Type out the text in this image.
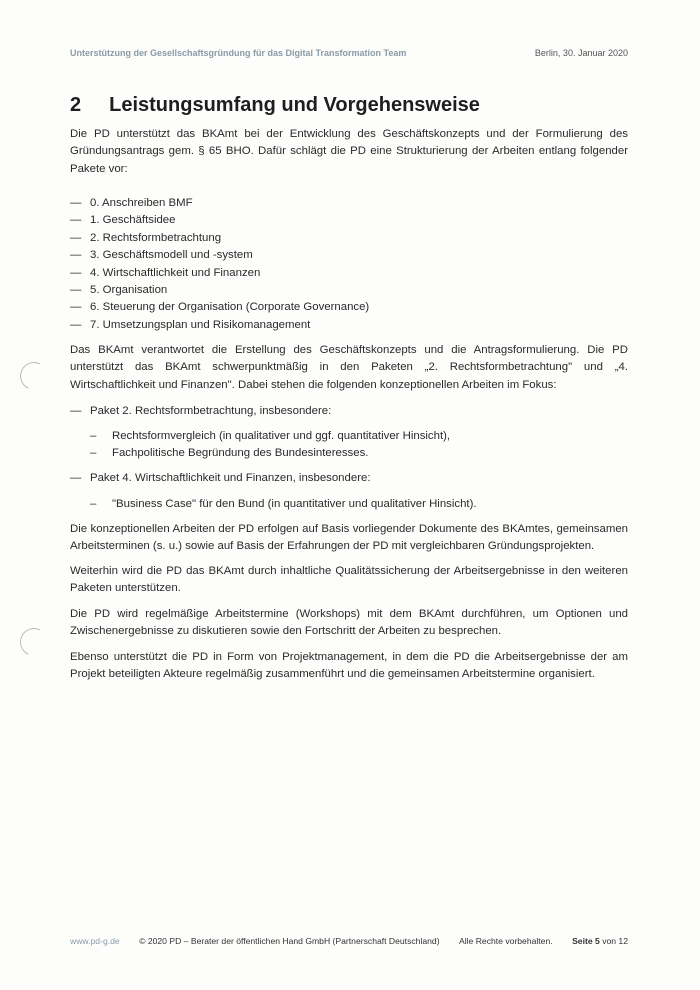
Unterstützung der Gesellschaftsgründung für das Digital Transformation Team	Berlin, 30. Januar 2020
2 Leistungsumfang und Vorgehensweise

Die PD unterstützt das BKAmt bei der Entwicklung des Geschäftskonzepts und der Formulierung des Gründungsantrags gem. § 65 BHO. Dafür schlägt die PD eine Strukturierung der Arbeiten entlang folgender Pakete vor:

— 0. Anschreiben BMF
— 1. Geschäftsidee
— 2. Rechtsformbetrachtung
— 3. Geschäftsmodell und -system
— 4. Wirtschaftlichkeit und Finanzen
— 5. Organisation
— 6. Steuerung der Organisation (Corporate Governance)
— 7. Umsetzungsplan und Risikomanagement

Das BKAmt verantwortet die Erstellung des Geschäftskonzepts und die Antragsformulierung. Die PD unterstützt das BKAmt schwerpunktmäßig in den Paketen „2. Rechtsformbetrachtung" und „4. Wirtschaftlichkeit und Finanzen". Dabei stehen die folgenden konzeptionellen Arbeiten im Fokus:

— Paket 2. Rechtsformbetrachtung, insbesondere:
–	Rechtsformvergleich (in qualitativer und ggf. quantitativer Hinsicht),
–	Fachpolitische Begründung des Bundesinteresses.
— Paket 4. Wirtschaftlichkeit und Finanzen, insbesondere:
–	"Business Case" für den Bund (in quantitativer und qualitativer Hinsicht).

Die konzeptionellen Arbeiten der PD erfolgen auf Basis vorliegender Dokumente des BKAmtes, gemeinsamen Arbeitsterminen (s. u.) sowie auf Basis der Erfahrungen der PD mit vergleichbaren Gründungsprojekten.

Weiterhin wird die PD das BKAmt durch inhaltliche Qualitätssicherung der Arbeitsergebnisse in den weiteren Paketen unterstützen.

Die PD wird regelmäßige Arbeitstermine (Workshops) mit dem BKAmt durchführen, um Optionen und Zwischenergebnisse zu diskutieren sowie den Fortschritt der Arbeiten zu besprechen.

Ebenso unterstützt die PD in Form von Projektmanagement, in dem die PD die Arbeitsergebnisse der am Projekt beteiligten Akteure regelmäßig zusammenführt und die gemeinsamen Arbeitstermine organisiert.

www.pd-g.de © 2020 PD – Berater der öffentlichen Hand GmbH (Partnerschaft Deutschland) Alle Rechte vorbehalten. Seite 5 von 12
